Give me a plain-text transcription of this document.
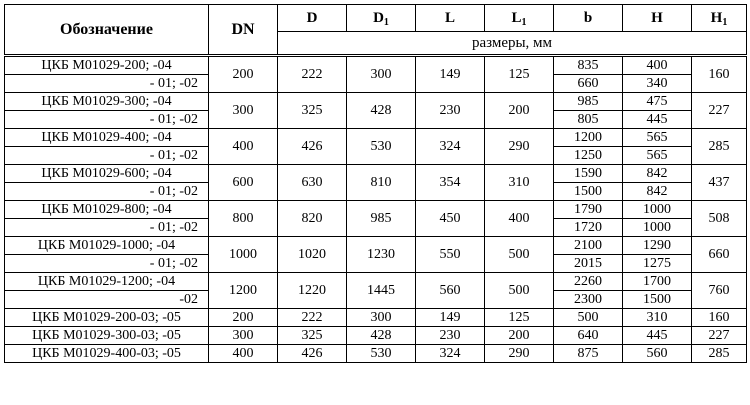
Обозначение	DN	D	$D_1$	L	$L_1$	b	H	$H_1$
		размеры, мм						
ЦКБ М01029-200; -04	200	222	300	149	125	835	400	160
- 01; -02						660	340	
ЦКБ М01029-300; -04	300	325	428	230	200	985	475	227
- 01; -02						805	445	
ЦКБ М01029-400; -04	400	426	530	324	290	1200	565	285
- 01; -02						1250	565	
ЦКБ М01029-600; -04	600	630	810	354	310	1590	842	437
- 01; -02						1500	842	
ЦКБ М01029-800; -04	800	820	985	450	400	1790	1000	508
- 01; -02						1720	1000	
ЦКБ М01029-1000; -04	1000	1020	1230	550	500	2100	1290	660
- 01; -02						2015	1275	
ЦКБ М01029-1200; -04	1200	1220	1445	560	500	2260	1700	760
-02						2300	1500	
ЦКБ М01029-200-03; -05	200	222	300	149	125	500	310	160
ЦКБ М01029-300-03; -05	300	325	428	230	200	640	445	227
ЦКБ М01029-400-03; -05	400	426	530	324	290	875	560	285
